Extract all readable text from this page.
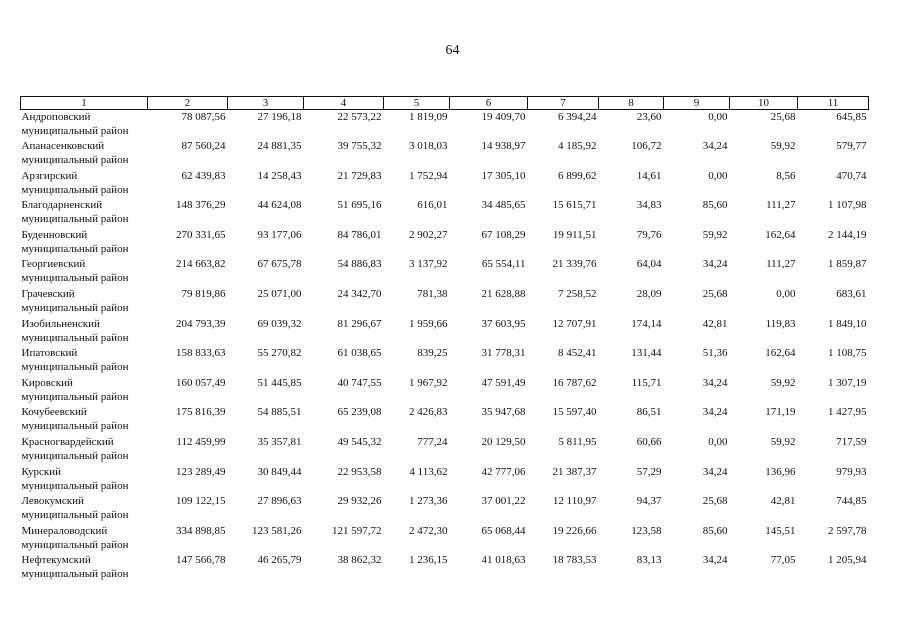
64
1	2	3	4	5	6	7	8	9	10	11

Андроповский
муниципальный район	78 087,56	27 196,18	22 573,22	1 819,09	19 409,70	6 394,24	23,60	0,00	25,68	645,85

Апанасенковский
муниципальный район	87 560,24	24 881,35	39 755,32	3 018,03	14 938,97	4 185,92	106,72	34,24	59,92	579,77

Арзгирский
муниципальный район	62 439,83	14 258,43	21 729,83	1 752,94	17 305,10	6 899,62	14,61	0,00	8,56	470,74

Благодарненский
муниципальный район	148 376,29	44 624,08	51 695,16	616,01	34 485,65	15 615,71	34,83	85,60	111,27	1 107,98

Буденновский
муниципальный район	270 331,65	93 177,06	84 786,01	2 902,27	67 108,29	19 911,51	79,76	59,92	162,64	2 144,19

Георгиевский
муниципальный район	214 663,82	67 675,78	54 886,83	3 137,92	65 554,11	21 339,76	64,04	34,24	111,27	1 859,87

Грачевский
муниципальный район	79 819,86	25 071,00	24 342,70	781,38	21 628,88	7 258,52	28,09	25,68	0,00	683,61

Изобильненский
муниципальный район	204 793,39	69 039,32	81 296,67	1 959,66	37 603,95	12 707,91	174,14	42,81	119,83	1 849,10

Ипатовский
муниципальный район	158 833,63	55 270,82	61 038,65	839,25	31 778,31	8 452,41	131,44	51,36	162,64	1 108,75

Кировский
муниципальный район	160 057,49	51 445,85	40 747,55	1 967,92	47 591,49	16 787,62	115,71	34,24	59,92	1 307,19

Кочубеевский
муниципальный район	175 816,39	54 885,51	65 239,08	2 426,83	35 947,68	15 597,40	86,51	34,24	171,19	1 427,95

Красногвардейский
муниципальный район	112 459,99	35 357,81	49 545,32	777,24	20 129,50	5 811,95	60,66	0,00	59,92	717,59

Курский
муниципальный район	123 289,49	30 849,44	22 953,58	4 113,62	42 777,06	21 387,37	57,29	34,24	136,96	979,93

Левокумский
муниципальный район	109 122,15	27 896,63	29 932,26	1 273,36	37 001,22	12 110,97	94,37	25,68	42,81	744,85

Минераловодский
муниципальный район	334 898,85	123 581,26	121 597,72	2 472,30	65 068,44	19 226,66	123,58	85,60	145,51	2 597,78

Нефтекумский
муниципальный район	147 566,78	46 265,79	38 862,32	1 236,15	41 018,63	18 783,53	83,13	34,24	77,05	1 205,94
